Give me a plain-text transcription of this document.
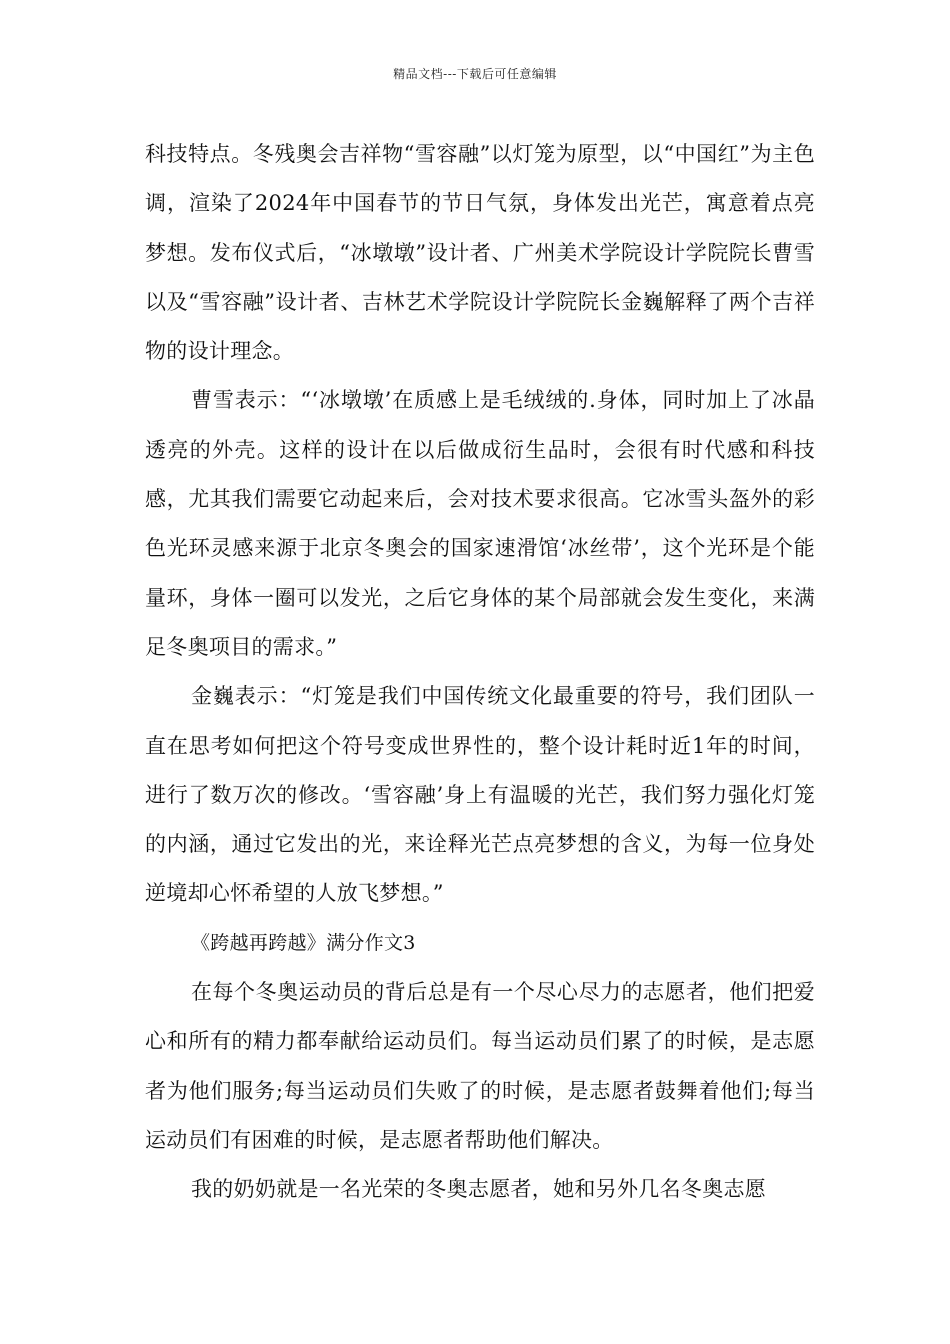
精品文档---下载后可任意编辑

科技特点。冬残奥会吉祥物“雪容融”以灯笼为原型，以“中国红”为主色调，渲染了2024年中国春节的节日气氛，身体发出光芒，寓意着点亮梦想。发布仪式后，“冰墩墩”设计者、广州美术学院设计学院院长曹雪以及“雪容融”设计者、吉林艺术学院设计学院院长金巍解释了两个吉祥物的设计理念。

曹雪表示：“‘冰墩墩’在质感上是毛绒绒的.身体，同时加上了冰晶透亮的外壳。这样的设计在以后做成衍生品时，会很有时代感和科技感，尤其我们需要它动起来后，会对技术要求很高。它冰雪头盔外的彩色光环灵感来源于北京冬奥会的国家速滑馆‘冰丝带’，这个光环是个能量环，身体一圈可以发光，之后它身体的某个局部就会发生变化，来满足冬奥项目的需求。”

金巍表示：“灯笼是我们中国传统文化最重要的符号，我们团队一直在思考如何把这个符号变成世界性的，整个设计耗时近1年的时间，进行了数万次的修改。‘雪容融’身上有温暖的光芒，我们努力强化灯笼的内涵，通过它发出的光，来诠释光芒点亮梦想的含义，为每一位身处逆境却心怀希望的人放飞梦想。”

《跨越再跨越》满分作文3

在每个冬奥运动员的背后总是有一个尽心尽力的志愿者，他们把爱心和所有的精力都奉献给运动员们。每当运动员们累了的时候，是志愿者为他们服务;每当运动员们失败了的时候，是志愿者鼓舞着他们;每当运动员们有困难的时候，是志愿者帮助他们解决。

我的奶奶就是一名光荣的冬奥志愿者，她和另外几名冬奥志愿
